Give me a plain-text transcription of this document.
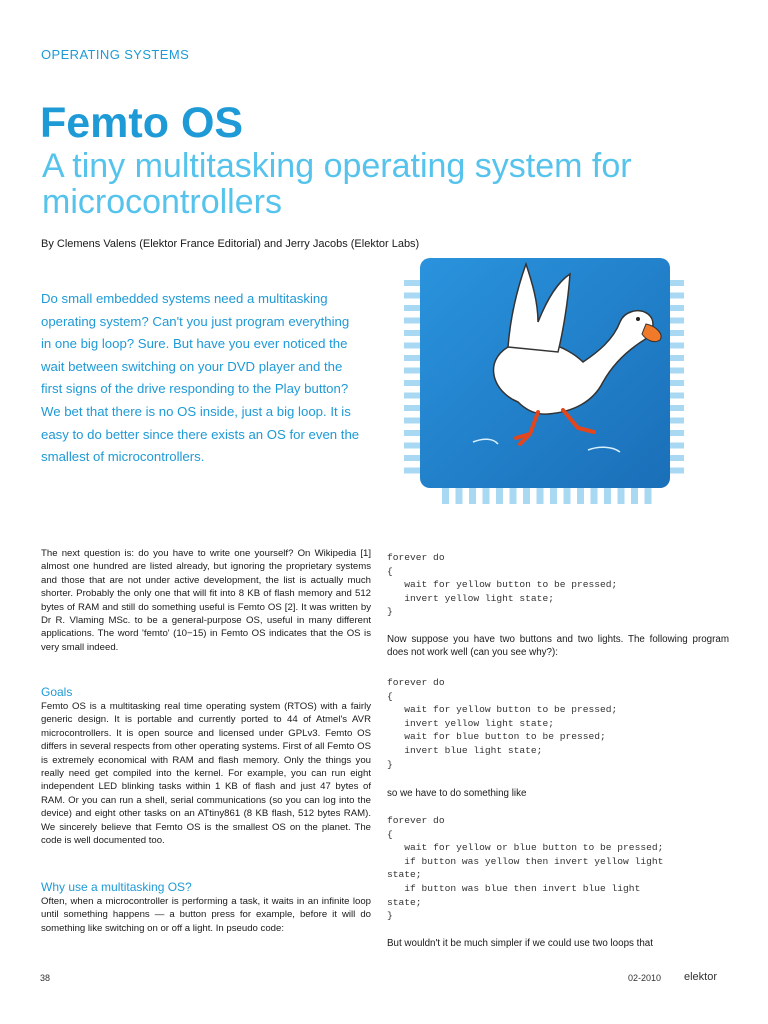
OPERATING SYSTEMS
Femto OS
A tiny multitasking operating system for microcontrollers
By Clemens Valens (Elektor France Editorial) and Jerry Jacobs (Elektor Labs)

Do small embedded systems need a multitasking operating system? Can't you just program everything in one big loop? Sure. But have you ever noticed the wait between switching on your DVD player and the first signs of the drive responding to the Play button? We bet that there is no OS inside, just a big loop. It is easy to do better since there exists an OS for even the smallest of microcontrollers.

The next question is: do you have to write one yourself? On Wikipedia [1] almost one hundred are listed already, but ignoring the proprietary systems and those that are not under active development, the list is actually much shorter. Probably the only one that will fit into 8 KB of flash memory and 512 bytes of RAM and still do something useful is Femto OS [2]. It was written by Dr R. Vlaming MSc. to be a general-purpose OS, useful in many different applications. The word 'femto' (10−15) in Femto OS indicates that the OS is very small indeed.

Goals

Femto OS is a multitasking real time operating system (RTOS) with a fairly generic design. It is portable and currently ported to 44 of Atmel's AVR microcontrollers. It is open source and licensed under GPLv3. Femto OS differs in several respects from other operating systems. First of all Femto OS is extremely economical with RAM and flash memory. Only the things you really need get compiled into the kernel. For example, you can run eight independent LED blinking tasks within 1 KB of flash and just 47 bytes of RAM. Or you can run a shell, serial communications (so you can log into the device) and eight other tasks on an ATtiny861 (8 KB flash, 512 bytes RAM). We sincerely believe that Femto OS is the smallest OS on the planet. The code is well documented too.

Why use a multitasking OS?

Often, when a microcontroller is performing a task, it waits in an infinite loop until something happens — a button press for example, before it will do something like switching on or off a light. In pseudo code:

forever do
{
wait for yellow button to be pressed;
invert yellow light state;
}
Now suppose you have two buttons and two lights. The following program does not work well (can you see why?):
forever do
{
wait for yellow button to be pressed;
invert yellow light state;
wait for blue button to be pressed;
invert blue light state;
}
so we have to do something like
forever do
{
wait for yellow or blue button to be pressed;
if button was yellow then invert yellow light
state;
if button was blue then invert blue light
state;
}
But wouldn't it be much simpler if we could use two loops that
38	02-2010 elektor
